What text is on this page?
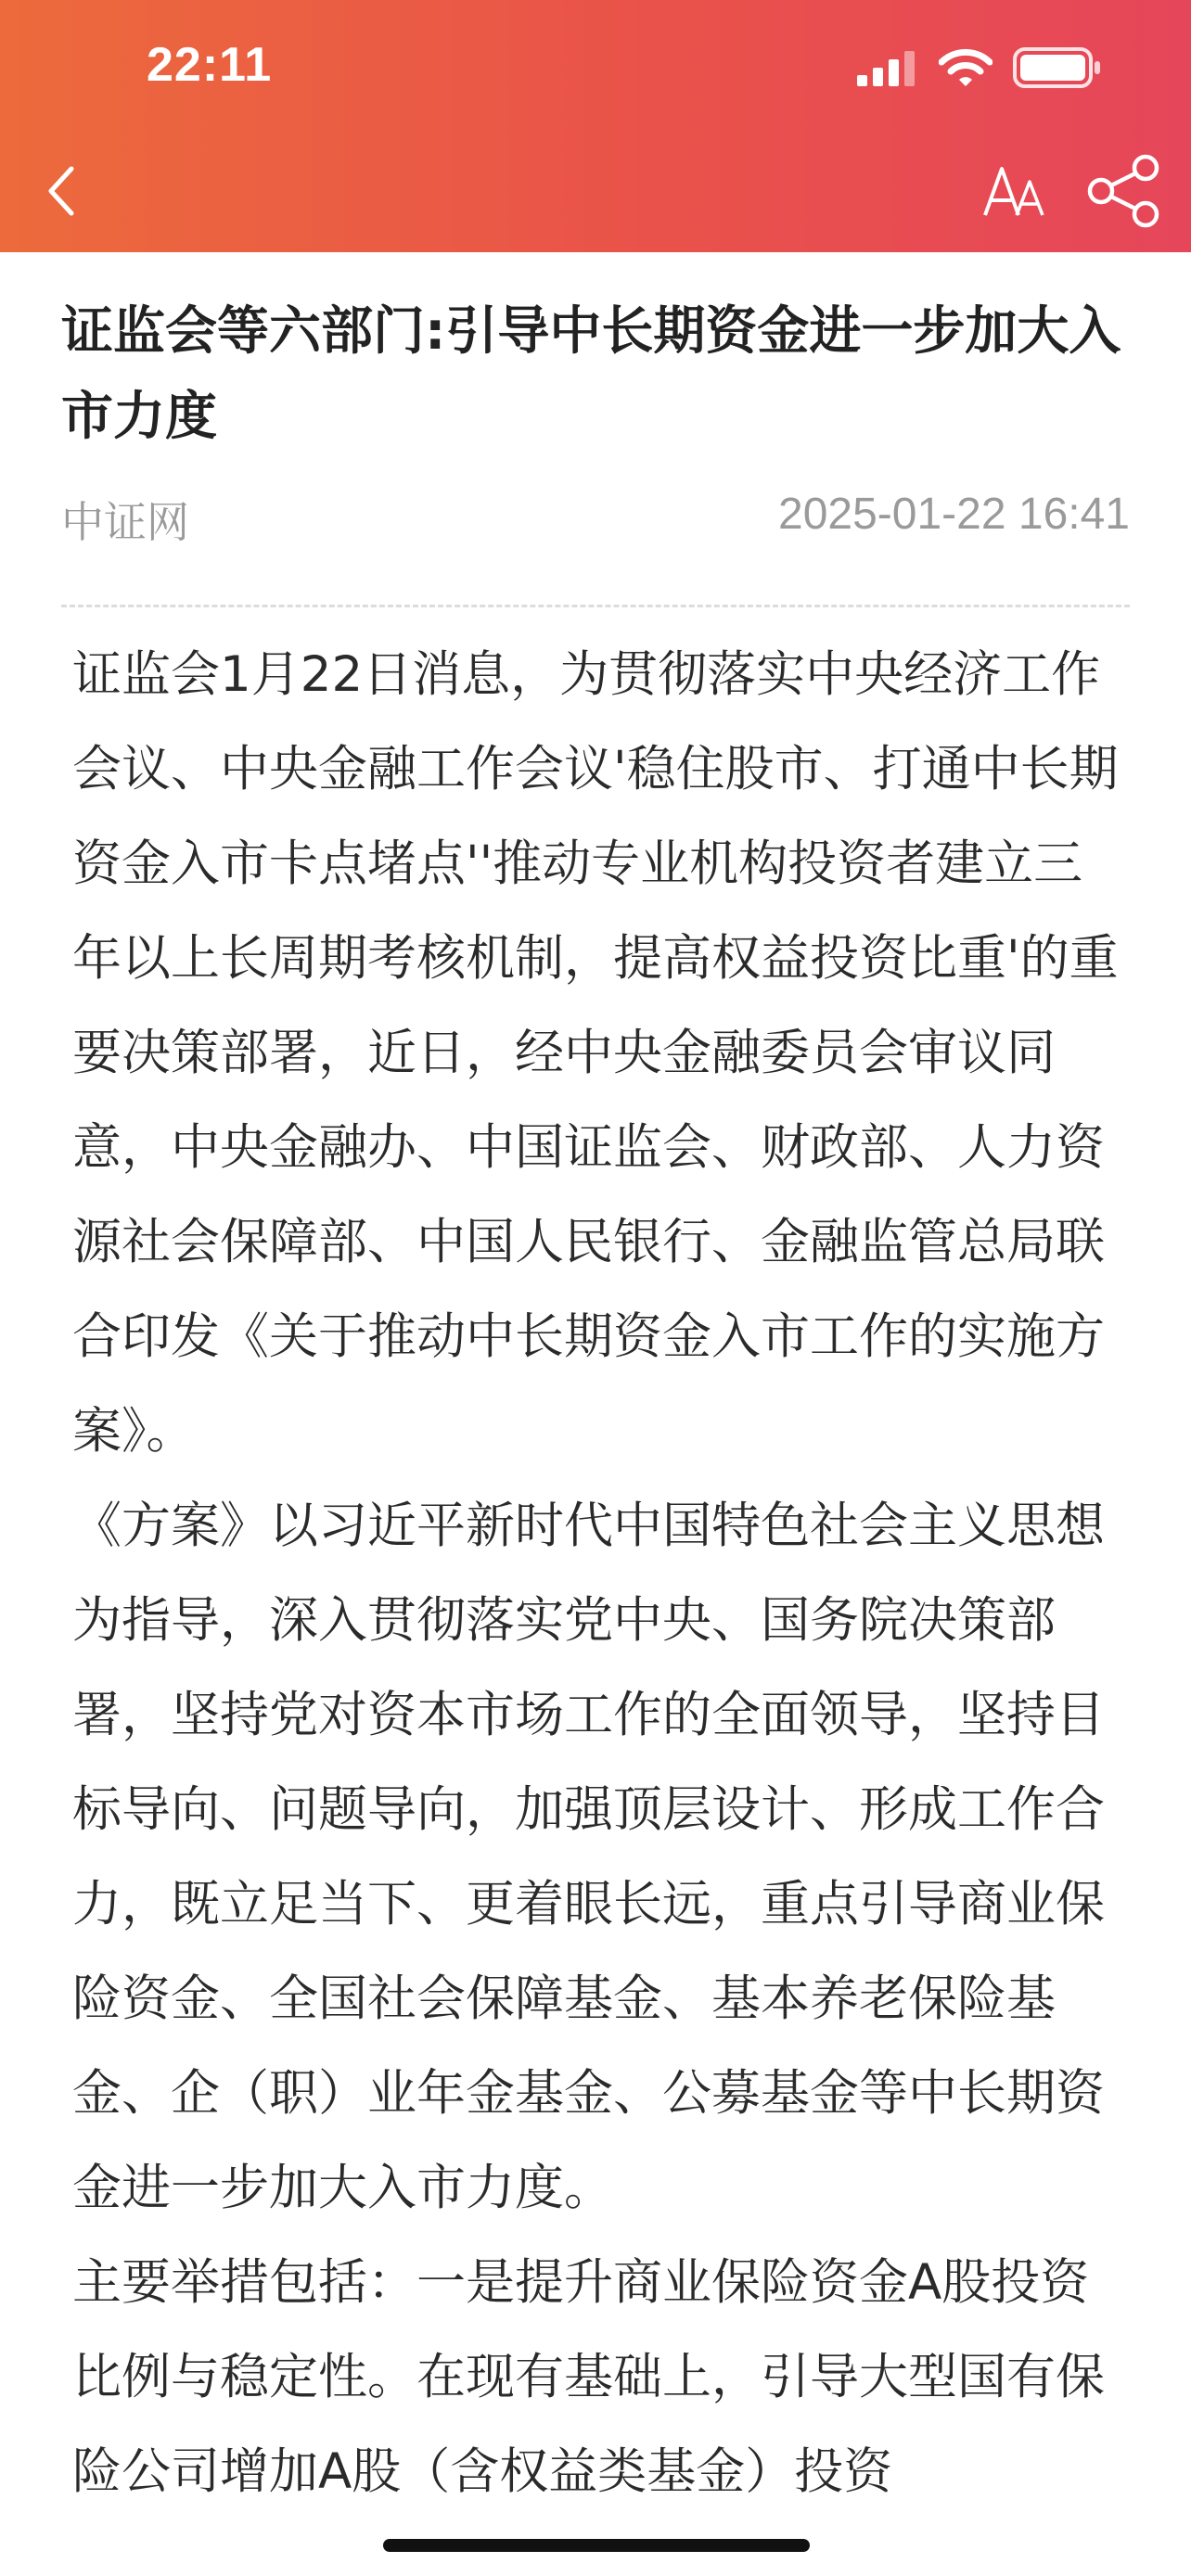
22:11
证监会等六部门:引导中长期资金进一步加大入市力度
中证网	2025-01-22 16:41

证监会1月22日消息，为贯彻落实中央经济工作会议、中央金融工作会议'稳住股市、打通中长期资金入市卡点堵点''推动专业机构投资者建立三年以上长周期考核机制，提高权益投资比重'的重要决策部署，近日，经中央金融委员会审议同意，中央金融办、中国证监会、财政部、人力资源社会保障部、中国人民银行、金融监管总局联合印发《关于推动中长期资金入市工作的实施方案》。

《方案》以习近平新时代中国特色社会主义思想为指导，深入贯彻落实党中央、国务院决策部署，坚持党对资本市场工作的全面领导，坚持目标导向、问题导向，加强顶层设计、形成工作合力，既立足当下、更着眼长远，重点引导商业保险资金、全国社会保障基金、基本养老保险基金、企（职）业年金基金、公募基金等中长期资金进一步加大入市力度。

主要举措包括：一是提升商业保险资金A股投资比例与稳定性。在现有基础上，引导大型国有保险公司增加A股（含权益类基金）投资
